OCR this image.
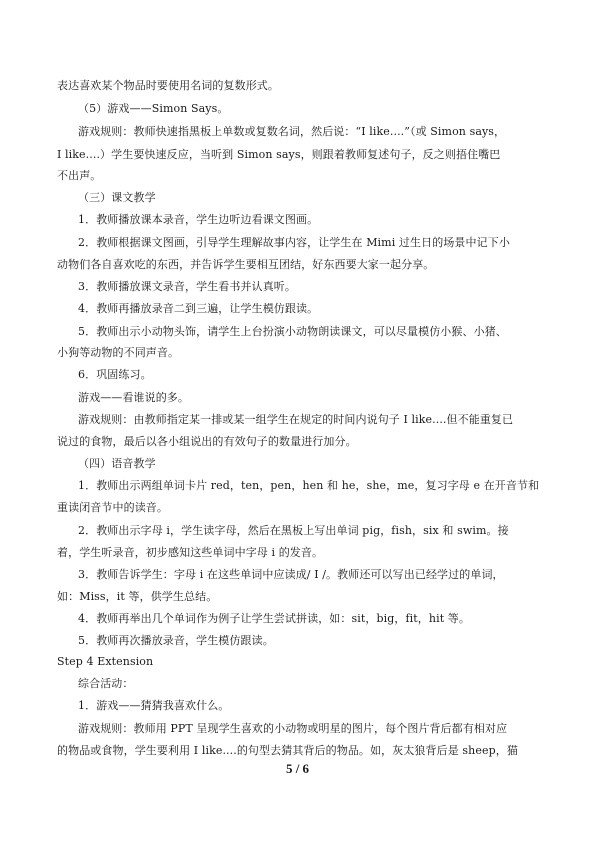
表达喜欢某个物品时要使用名词的复数形式。
（5）游戏——Simon Says。
游戏规则：教师快速指黑板上单数或复数名词，然后说：“I like....”（或 Simon says，
I like....）学生要快速反应，当听到 Simon says，则跟着教师复述句子，反之则捂住嘴巴
不出声。
（三）课文教学
1．教师播放课本录音，学生边听边看课文图画。
2．教师根据课文图画，引导学生理解故事内容，让学生在 Mimi 过生日的场景中记下小
动物们各自喜欢吃的东西，并告诉学生要相互团结，好东西要大家一起分享。
3．教师播放课文录音，学生看书并认真听。
4．教师再播放录音二到三遍，让学生模仿跟读。
5．教师出示小动物头饰，请学生上台扮演小动物朗读课文，可以尽量模仿小猴、小猪、
小狗等动物的不同声音。
6．巩固练习。
游戏——看谁说的多。
游戏规则：由教师指定某一排或某一组学生在规定的时间内说句子 I like....但不能重复已
说过的食物，最后以各小组说出的有效句子的数量进行加分。
（四）语音教学
1．教师出示两组单词卡片 red，ten，pen，hen 和 he，she，me，复习字母 e 在开音节和
重读闭音节中的读音。
2．教师出示字母 i，学生读字母，然后在黑板上写出单词 pig，fish，six 和 swim。接
着，学生听录音，初步感知这些单词中字母 i 的发音。
3．教师告诉学生：字母 i 在这些单词中应读成/ I /。教师还可以写出已经学过的单词，
如：Miss，it 等，供学生总结。
4．教师再举出几个单词作为例子让学生尝试拼读，如：sit，big，fit，hit 等。
5．教师再次播放录音，学生模仿跟读。
Step 4 Extension
综合活动：
1．游戏——猜猜我喜欢什么。
游戏规则：教师用 PPT 呈现学生喜欢的小动物或明星的图片，每个图片背后都有相对应
的物品或食物，学生要利用 I like....的句型去猜其背后的物品。如，灰太狼背后是 sheep，猫
5 / 6
